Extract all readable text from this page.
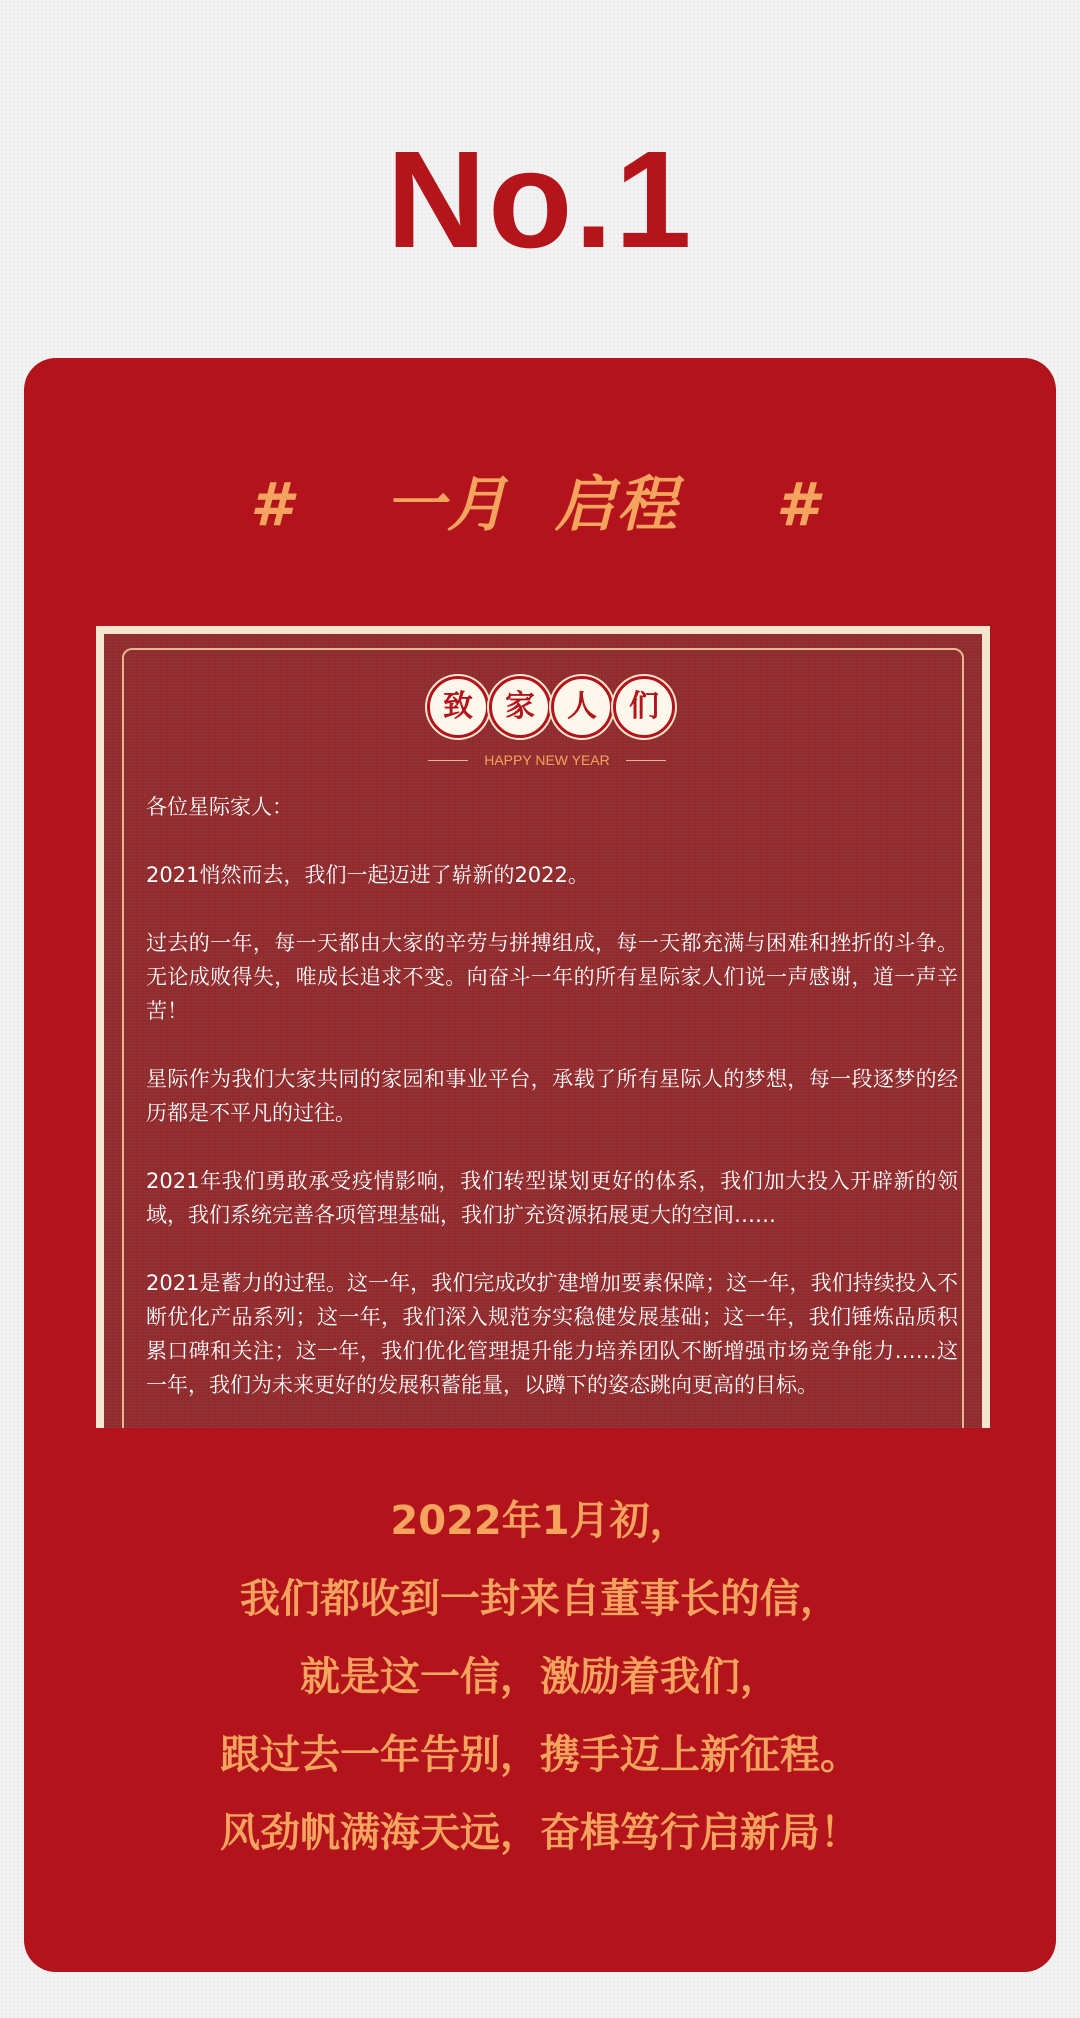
No.1
# 一月  启程 #
致	家	人	们
HAPPY NEW YEAR

各位星际家人：

2021悄然而去，我们一起迈进了崭新的2022。

过去的一年，每一天都由大家的辛劳与拼搏组成，每一天都充满与困难和挫折的斗争。无论成败得失，唯成长追求不变。向奋斗一年的所有星际家人们说一声感谢，道一声辛苦！

星际作为我们大家共同的家园和事业平台，承载了所有星际人的梦想，每一段逐梦的经历都是不平凡的过往。

2021年我们勇敢承受疫情影响，我们转型谋划更好的体系，我们加大投入开辟新的领域，我们系统完善各项管理基础，我们扩充资源拓展更大的空间……

2021是蓄力的过程。这一年，我们完成改扩建增加要素保障；这一年，我们持续投入不断优化产品系列；这一年，我们深入规范夯实稳健发展基础；这一年，我们锤炼品质积累口碑和关注；这一年，我们优化管理提升能力培养团队不断增强市场竞争能力……这一年，我们为未来更好的发展积蓄能量，以蹲下的姿态跳向更高的目标。

2022年1月初，
我们都收到一封来自董事长的信，
就是这一信，激励着我们，
跟过去一年告别，携手迈上新征程。
风劲帆满海天远，奋楫笃行启新局！
